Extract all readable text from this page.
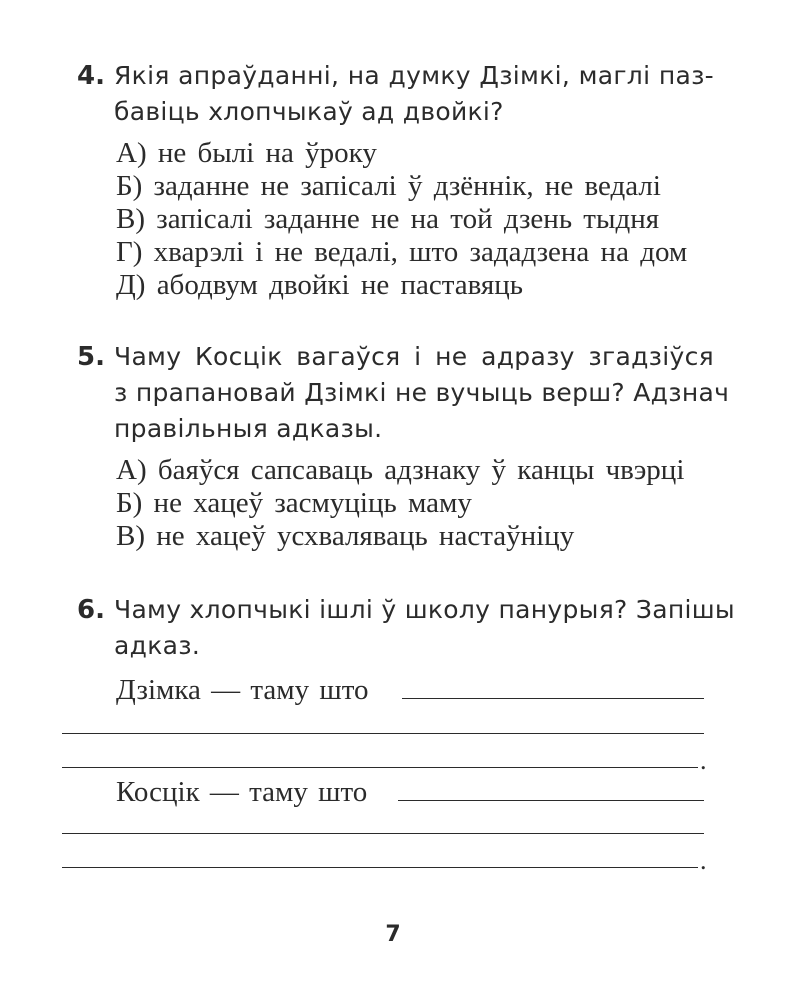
4. Якія апраўданні, на думку Дзімкі, маглі паз-
бавіць хлопчыкаў ад двойкі?
А) не былі на ўроку
Б) заданне не запісалі ў дзённік, не ведалі
В) запісалі заданне не на той дзень тыдня
Г) хварэлі і не ведалі, што зададзена на дом
Д) абодвум двойкі не паставяць
5. Чаму Косцік вагаўся і не адразу згадзіўся
з прапановай Дзімкі не вучыць верш? Адзнач
правільныя адказы.
А) баяўся сапсаваць адзнаку ў канцы чвэрці
Б) не хацеў засмуціць маму
В) не хацеў усхваляваць настаўніцу
6. Чаму хлопчыкі ішлі ў школу панурыя? Запішы
адказ.
Дзімка — таму што
.
Косцік — таму што
.
7
